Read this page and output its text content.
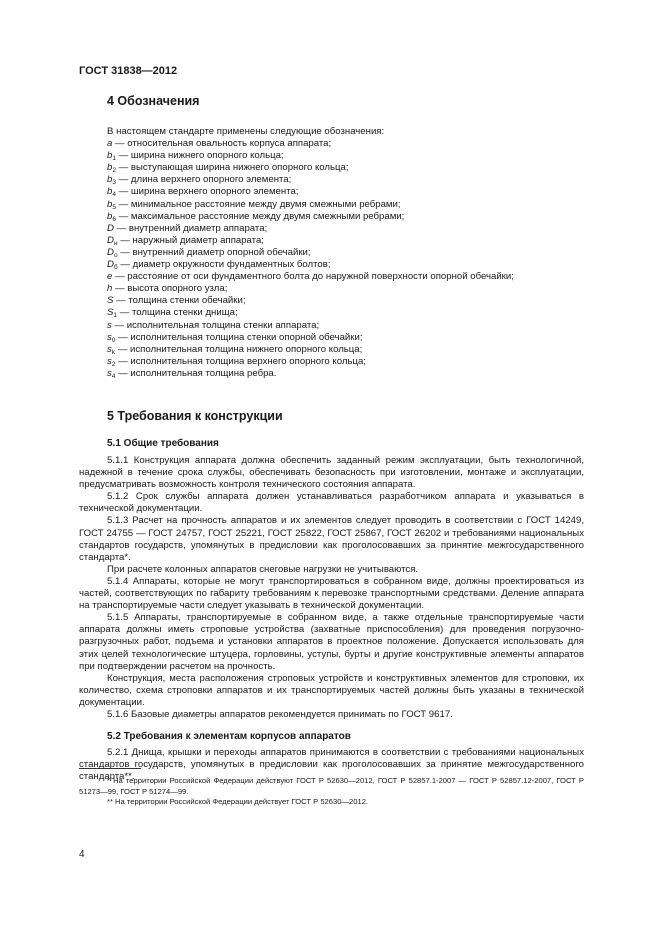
ГОСТ 31838—2012
4 Обозначения
В настоящем стандарте применены следующие обозначения:
a — относительная овальность корпуса аппарата;
$b_1$ — ширина нижнего опорного кольца;
$b_2$ — выступающая ширина нижнего опорного кольца;
$b_3$ — длина верхнего опорного элемента;
$b_4$ — ширина верхнего опорного элемента;
$b_5$ — минимальное расстояние между двумя смежными ребрами;
$b_6$ — максимальное расстояние между двумя смежными ребрами;
D — внутренний диаметр аппарата;
$D_н$ — наружный диаметр аппарата;
$D_о$ — внутренний диаметр опорной обечайки;
$D_б$ — диаметр окружности фундаментных болтов;
e — расстояние от оси фундаментного болта до наружной поверхности опорной обечайки;
h — высота опорного узла;
S — толщина стенки обечайки;
$S_1$ — толщина стенки днища;
s — исполнительная толщина стенки аппарата;
$s_0$ — исполнительная толщина стенки опорной обечайки;
$s_k$ — исполнительная толщина нижнего опорного кольца;
$s_2$ — исполнительная толщина верхнего опорного кольца;
$s_4$ — исполнительная толщина ребра.
5 Требования к конструкции
5.1 Общие требования
5.1.1 Конструкция аппарата должна обеспечить заданный режим эксплуатации, быть технологичной, надежной в течение срока службы, обеспечивать безопасность при изготовлении, монтаже и эксплуатации, предусматривать возможность контроля технического состояния аппарата.
5.1.2 Срок службы аппарата должен устанавливаться разработчиком аппарата и указываться в технической документации.
5.1.3 Расчет на прочность аппаратов и их элементов следует проводить в соответствии с ГОСТ 14249, ГОСТ 24755 — ГОСТ 24757, ГОСТ 25221, ГОСТ 25822, ГОСТ 25867, ГОСТ 26202 и требованиями национальных стандартов государств, упомянутых в предисловии как проголосовавших за принятие межгосударственного стандарта*.
При расчете колонных аппаратов снеговые нагрузки не учитываются.
5.1.4 Аппараты, которые не могут транспортироваться в собранном виде, должны проектироваться из частей, соответствующих по габариту требованиям к перевозке транспортными средствами. Деление аппарата на транспортируемые части следует указывать в технической документации.
5.1.5 Аппараты, транспортируемые в собранном виде, а также отдельные транспортируемые части аппарата должны иметь строповые устройства (захватные приспособления) для проведения погрузочно-разгрузочных работ, подъема и установки аппаратов в проектное положение. Допускается использовать для этих целей технологические штуцера, горловины, уступы, бурты и другие конструктивные элементы аппаратов при подтверждении расчетом на прочность.
Конструкция, места расположения строповых устройств и конструктивных элементов для строповки, их количество, схема строповки аппаратов и их транспортируемых частей должны быть указаны в технической документации.
5.1.6 Базовые диаметры аппаратов рекомендуется принимать по ГОСТ 9617.
5.2 Требования к элементам корпусов аппаратов
5.2.1 Днища, крышки и переходы аппаратов принимаются в соответствии с требованиями национальных стандартов государств, упомянутых в предисловии как проголосовавших за принятие межгосударственного стандарта**.
* На территории Российской Федерации действуют ГОСТ Р 52630—2012, ГОСТ Р 52857.1-2007 — ГОСТ Р 52857.12-2007, ГОСТ Р 51273—99, ГОСТ Р 51274—99.
** На территории Российской Федерации действует ГОСТ Р 52630—2012.
4
